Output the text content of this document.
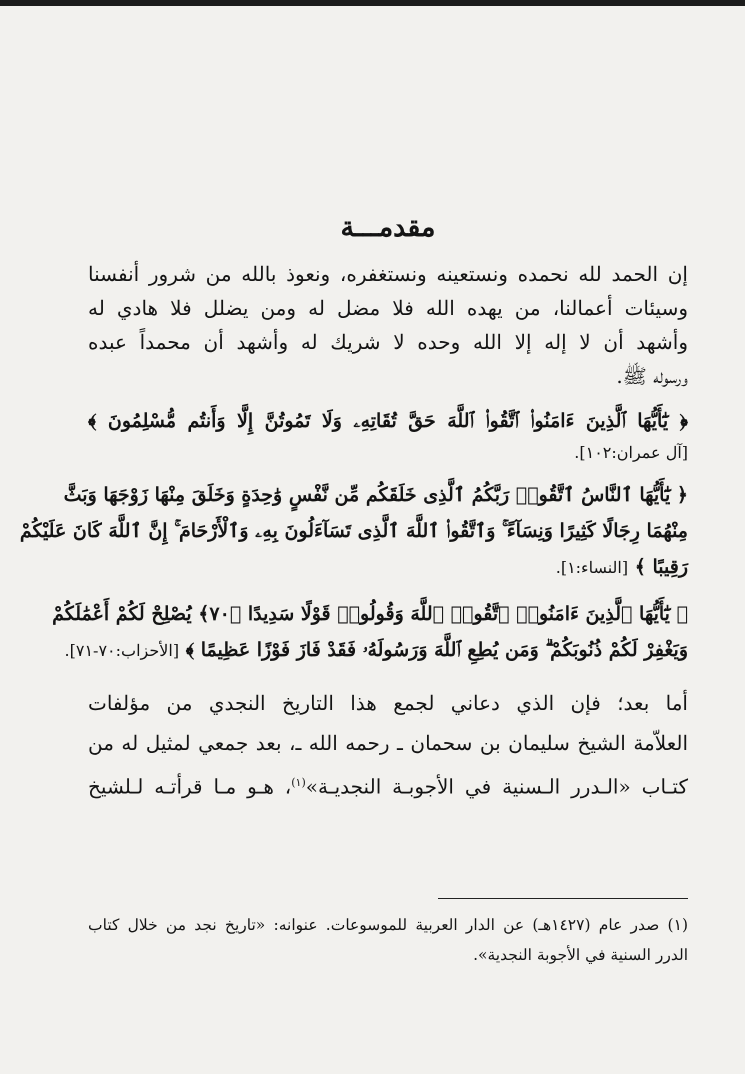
مقدمـــة
إن الحمد لله نحمده ونستعينه ونستغفره، ونعوذ بالله من شرور أنفسنا
وسيئات أعمالنا، من يهده الله فلا مضل له ومن يضلل فلا هادي له
وأشهد أن لا إله إلا الله وحده لا شريك له وأشهد أن محمداً عبده
ورسوله ﷺ.
﴿ يَٰٓأَيُّهَا ٱلَّذِينَ ءَامَنُوا۟ ٱتَّقُوا۟ ٱللَّهَ حَقَّ تُقَاتِهِۦ وَلَا تَمُوتُنَّ إِلَّا وَأَنتُم مُّسْلِمُونَ ﴾
[آل عمران:١٠٢].
﴿ يَٰٓأَيُّهَا ٱلنَّاسُ ٱتَّقُوا۟ رَبَّكُمُ ٱلَّذِى خَلَقَكُم مِّن نَّفْسٍ وَٰحِدَةٍ وَخَلَقَ مِنْهَا زَوْجَهَا وَبَثَّ
مِنْهُمَا رِجَالًا كَثِيرًا وَنِسَآءً ۚ وَٱتَّقُوا۟ ٱللَّهَ ٱلَّذِى تَسَآءَلُونَ بِهِۦ وَٱلْأَرْحَامَ ۚ إِنَّ ٱللَّهَ كَانَ عَلَيْكُمْ
رَقِيبًا ﴾ [النساء:١].
﴿ يَٰٓأَيُّهَا ٱلَّذِينَ ءَامَنُوا۟ ٱتَّقُوا۟ ٱللَّهَ وَقُولُوا۟ قَوْلًا سَدِيدًا ﴿٧٠﴾ يُصْلِحْ لَكُمْ أَعْمَٰلَكُمْ
وَيَغْفِرْ لَكُمْ ذُنُوبَكُمْ ۗ وَمَن يُطِعِ ٱللَّهَ وَرَسُولَهُۥ فَقَدْ فَازَ فَوْزًا عَظِيمًا ﴾ [الأحزاب:٧٠-٧١].
أما بعد؛ فإن الذي دعاني لجمع هذا التاريخ النجدي من مؤلفات
العلاّمة الشيخ سليمان بن سحمان ـ رحمه الله ـ، بعد جمعي لمثيل له من
كتـاب «الـدرر الـسنية في الأجوبـة النجديـة»$^{(١)}$، هـو مـا قرأتـه لـلشيخ
(١) صدر عام (١٤٢٧هـ) عن الدار العربية للموسوعات. عنوانه: «تاريخ نجد من خلال كتاب
الدرر السنية في الأجوبة النجدية».
